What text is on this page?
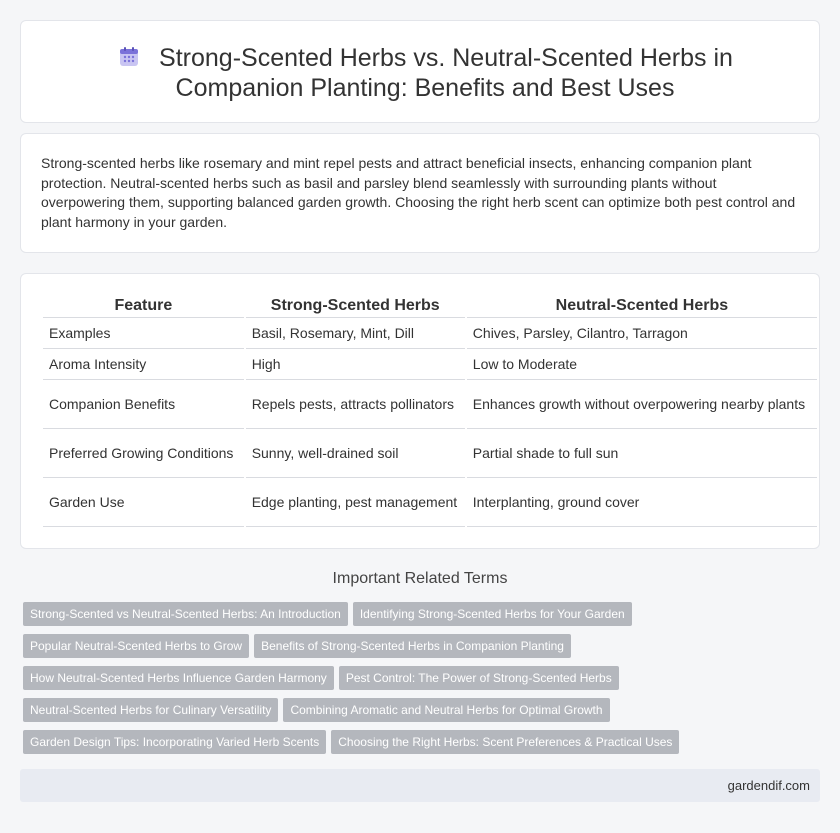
Strong-Scented Herbs vs. Neutral-Scented Herbs in Companion Planting: Benefits and Best Uses

Strong-scented herbs like rosemary and mint repel pests and attract beneficial insects, enhancing companion plant protection. Neutral-scented herbs such as basil and parsley blend seamlessly with surrounding plants without overpowering them, supporting balanced garden growth. Choosing the right herb scent can optimize both pest control and plant harmony in your garden.

Feature	Strong-Scented Herbs	Neutral-Scented Herbs
Examples	Basil, Rosemary, Mint, Dill	Chives, Parsley, Cilantro, Tarragon
Aroma Intensity	High	Low to Moderate
Companion Benefits	Repels pests, attracts pollinators	Enhances growth without overpowering nearby plants
Preferred Growing Conditions	Sunny, well-drained soil	Partial shade to full sun
Garden Use	Edge planting, pest management	Interplanting, ground cover
Important Related Terms
Strong-Scented vs Neutral-Scented Herbs: An Introduction Identifying Strong-Scented Herbs for Your Garden
Popular Neutral-Scented Herbs to Grow Benefits of Strong-Scented Herbs in Companion Planting
How Neutral-Scented Herbs Influence Garden Harmony Pest Control: The Power of Strong-Scented Herbs
Neutral-Scented Herbs for Culinary Versatility Combining Aromatic and Neutral Herbs for Optimal Growth
Garden Design Tips: Incorporating Varied Herb Scents Choosing the Right Herbs: Scent Preferences & Practical Uses
gardendif.com
